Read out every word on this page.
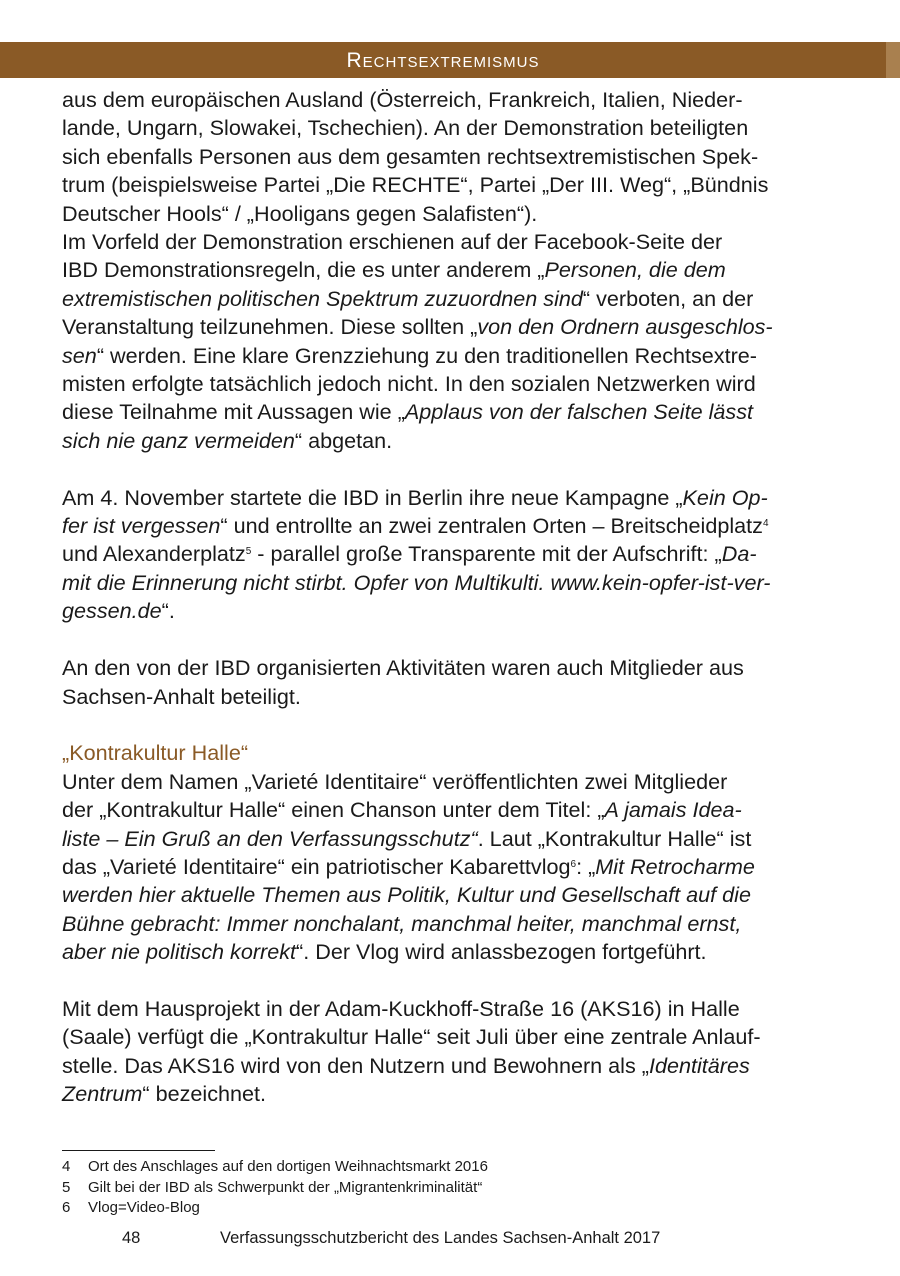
Rechtsextremismus

aus dem europäischen Ausland (Österreich, Frankreich, Italien, Nieder-
lande, Ungarn, Slowakei, Tschechien). An der Demonstration beteiligten
sich ebenfalls Personen aus dem gesamten rechtsextremistischen Spek-
trum (beispielsweise Partei „Die RECHTE“, Partei „Der III. Weg“, „Bündnis
Deutscher Hools“ / „Hooligans gegen Salafisten“).

Im Vorfeld der Demonstration erschienen auf der Facebook-Seite der
IBD Demonstrationsregeln, die es unter anderem „Personen, die dem
extremistischen politischen Spektrum zuzuordnen sind“ verboten, an der
Veranstaltung teilzunehmen. Diese sollten „von den Ordnern ausgeschlos-
sen“ werden. Eine klare Grenzziehung zu den traditionellen Rechtsextre-
misten erfolgte tatsächlich jedoch nicht. In den sozialen Netzwerken wird
diese Teilnahme mit Aussagen wie „Applaus von der falschen Seite lässt
sich nie ganz vermeiden“ abgetan.

Am 4. November startete die IBD in Berlin ihre neue Kampagne „Kein Op-
fer ist vergessen“ und entrollte an zwei zentralen Orten – Breitscheidplatz$^4$
und Alexanderplatz$^5$ - parallel große Transparente mit der Aufschrift: „Da-
mit die Erinnerung nicht stirbt. Opfer von Multikulti. www.kein-opfer-ist-ver-
gessen.de“.

An den von der IBD organisierten Aktivitäten waren auch Mitglieder aus
Sachsen-Anhalt beteiligt.

„Kontrakultur Halle“

Unter dem Namen „Varieté Identitaire“ veröffentlichten zwei Mitglieder
der „Kontrakultur Halle“ einen Chanson unter dem Titel: „A jamais Idea-
liste – Ein Gruß an den Verfassungsschutz“. Laut „Kontrakultur Halle“ ist
das „Varieté Identitaire“ ein patriotischer Kabarettvlog$^6$: „Mit Retrocharme
werden hier aktuelle Themen aus Politik, Kultur und Gesellschaft auf die
Bühne gebracht: Immer nonchalant, manchmal heiter, manchmal ernst,
aber nie politisch korrekt“. Der Vlog wird anlassbezogen fortgeführt.

Mit dem Hausprojekt in der Adam-Kuckhoff-Straße 16 (AKS16) in Halle
(Saale) verfügt die „Kontrakultur Halle“ seit Juli über eine zentrale Anlauf-
stelle. Das AKS16 wird von den Nutzern und Bewohnern als „Identitäres
Zentrum“ bezeichnet.

4	Ort des Anschlages auf den dortigen Weihnachtsmarkt 2016
5	Gilt bei der IBD als Schwerpunkt der „Migrantenkriminalität“
6	Vlog=Video-Blog
48	Verfassungsschutzbericht des Landes Sachsen-Anhalt 2017
